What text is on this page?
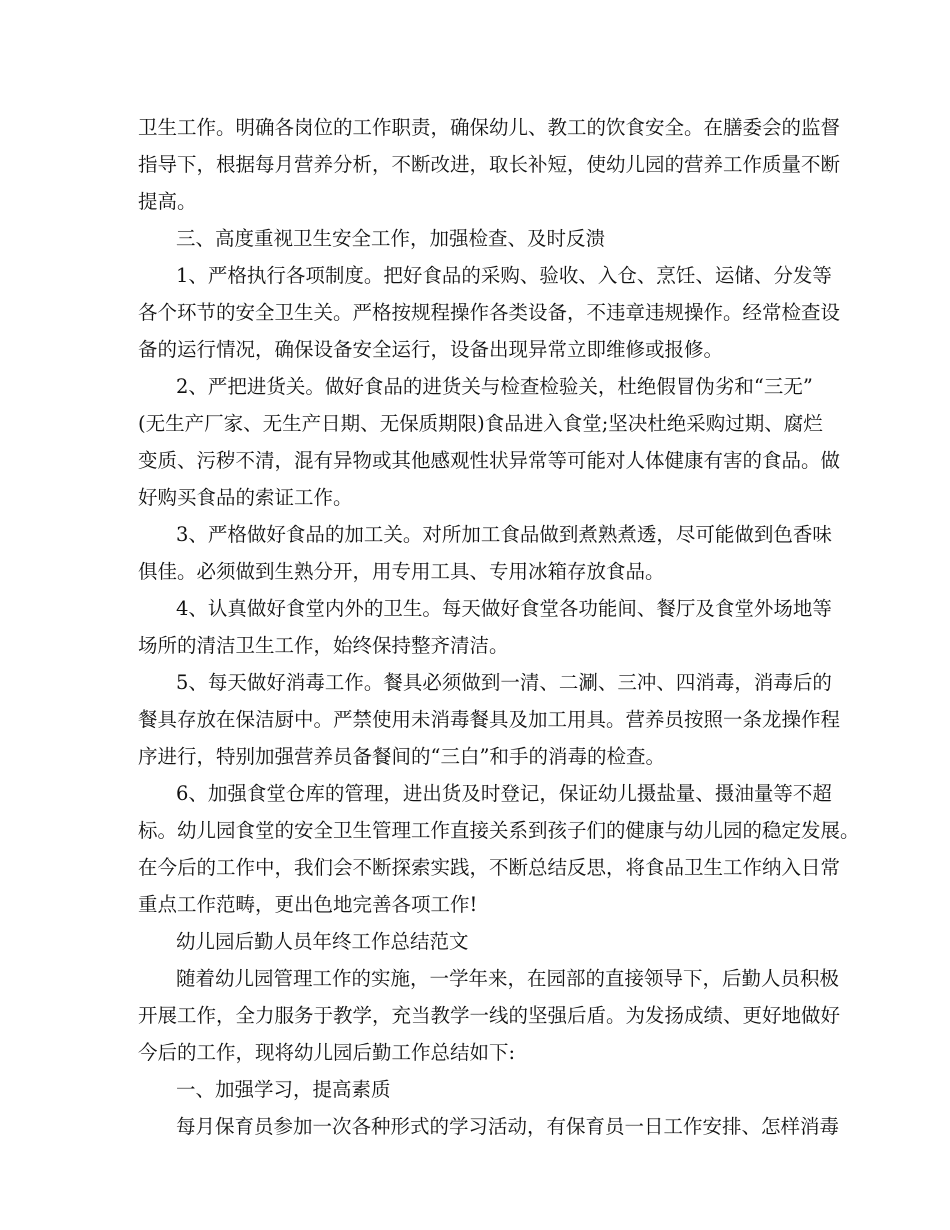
卫生工作。明确各岗位的工作职责，确保幼儿、教工的饮食安全。在膳委会的监督
指导下，根据每月营养分析，不断改进，取长补短，使幼儿园的营养工作质量不断
提高。
三、高度重视卫生安全工作，加强检查、及时反溃
1、严格执行各项制度。把好食品的采购、验收、入仓、烹饪、运储、分发等
各个环节的安全卫生关。严格按规程操作各类设备，不违章违规操作。经常检查设
备的运行情况，确保设备安全运行，设备出现异常立即维修或报修。
2、严把进货关。做好食品的进货关与检查检验关，杜绝假冒伪劣和“三无”
(无生产厂家、无生产日期、无保质期限)食品进入食堂;坚决杜绝采购过期、腐烂
变质、污秽不清，混有异物或其他感观性状异常等可能对人体健康有害的食品。做
好购买食品的索证工作。
3、严格做好食品的加工关。对所加工食品做到煮熟煮透，尽可能做到色香味
俱佳。必须做到生熟分开，用专用工具、专用冰箱存放食品。
4、认真做好食堂内外的卫生。每天做好食堂各功能间、餐厅及食堂外场地等
场所的清洁卫生工作，始终保持整齐清洁。
5、每天做好消毒工作。餐具必须做到一清、二涮、三冲、四消毒，消毒后的
餐具存放在保洁厨中。严禁使用未消毒餐具及加工用具。营养员按照一条龙操作程
序进行，特别加强营养员备餐间的“三白”和手的消毒的检查。
6、加强食堂仓库的管理，进出货及时登记，保证幼儿摄盐量、摄油量等不超
标。幼儿园食堂的安全卫生管理工作直接关系到孩子们的健康与幼儿园的稳定发展。
在今后的工作中，我们会不断探索实践，不断总结反思，将食品卫生工作纳入日常
重点工作范畴，更出色地完善各项工作!
幼儿园后勤人员年终工作总结范文
随着幼儿园管理工作的实施，一学年来，在园部的直接领导下，后勤人员积极
开展工作，全力服务于教学，充当教学一线的坚强后盾。为发扬成绩、更好地做好
今后的工作，现将幼儿园后勤工作总结如下:
一、加强学习，提高素质
每月保育员参加一次各种形式的学习活动，有保育员一日工作安排、怎样消毒
